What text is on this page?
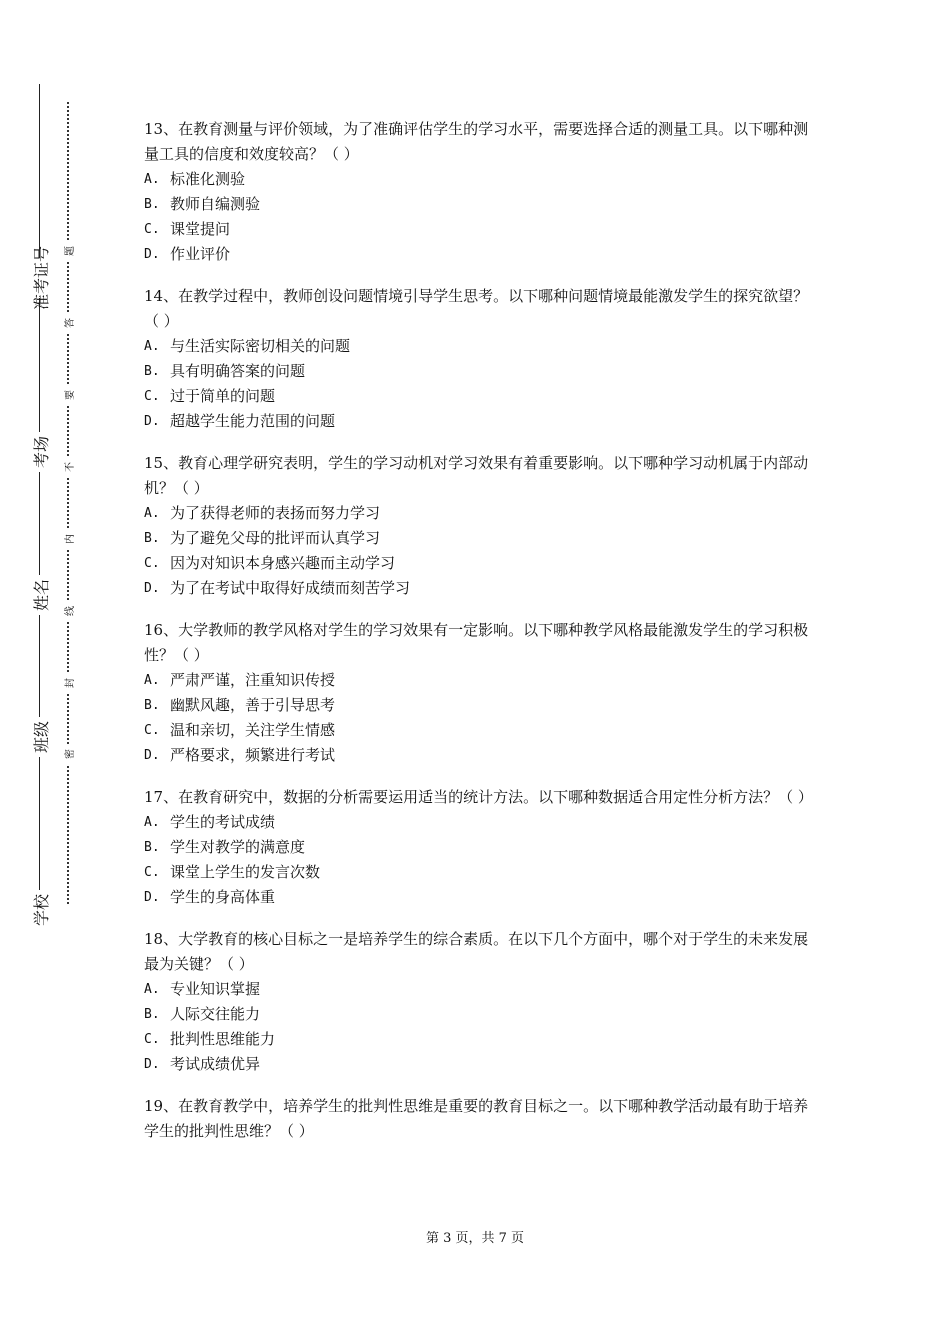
准考证号
考场
姓名
班级
学校
密
封
线
内
不
要
答
题

13、在教育测量与评价领域，为了准确评估学生的学习水平，需要选择合适的测量工具。以下哪种测量工具的信度和效度较高？（ ）

A. 标准化测验
B. 教师自编测验
C. 课堂提问
D. 作业评价

14、在教学过程中，教师创设问题情境引导学生思考。以下哪种问题情境最能激发学生的探究欲望？（ ）

A. 与生活实际密切相关的问题
B. 具有明确答案的问题
C. 过于简单的问题
D. 超越学生能力范围的问题

15、教育心理学研究表明，学生的学习动机对学习效果有着重要影响。以下哪种学习动机属于内部动机？（ ）

A. 为了获得老师的表扬而努力学习
B. 为了避免父母的批评而认真学习
C. 因为对知识本身感兴趣而主动学习
D. 为了在考试中取得好成绩而刻苦学习

16、大学教师的教学风格对学生的学习效果有一定影响。以下哪种教学风格最能激发学生的学习积极性？（ ）

A. 严肃严谨，注重知识传授
B. 幽默风趣，善于引导思考
C. 温和亲切，关注学生情感
D. 严格要求，频繁进行考试

17、在教育研究中，数据的分析需要运用适当的统计方法。以下哪种数据适合用定性分析方法？（ ）

A. 学生的考试成绩
B. 学生对教学的满意度
C. 课堂上学生的发言次数
D. 学生的身高体重

18、大学教育的核心目标之一是培养学生的综合素质。在以下几个方面中，哪个对于学生的未来发展最为关键？（ ）

A. 专业知识掌握
B. 人际交往能力
C. 批判性思维能力
D. 考试成绩优异

19、在教育教学中，培养学生的批判性思维是重要的教育目标之一。以下哪种教学活动最有助于培养学生的批判性思维？（ ）

第 3 页，共 7 页
